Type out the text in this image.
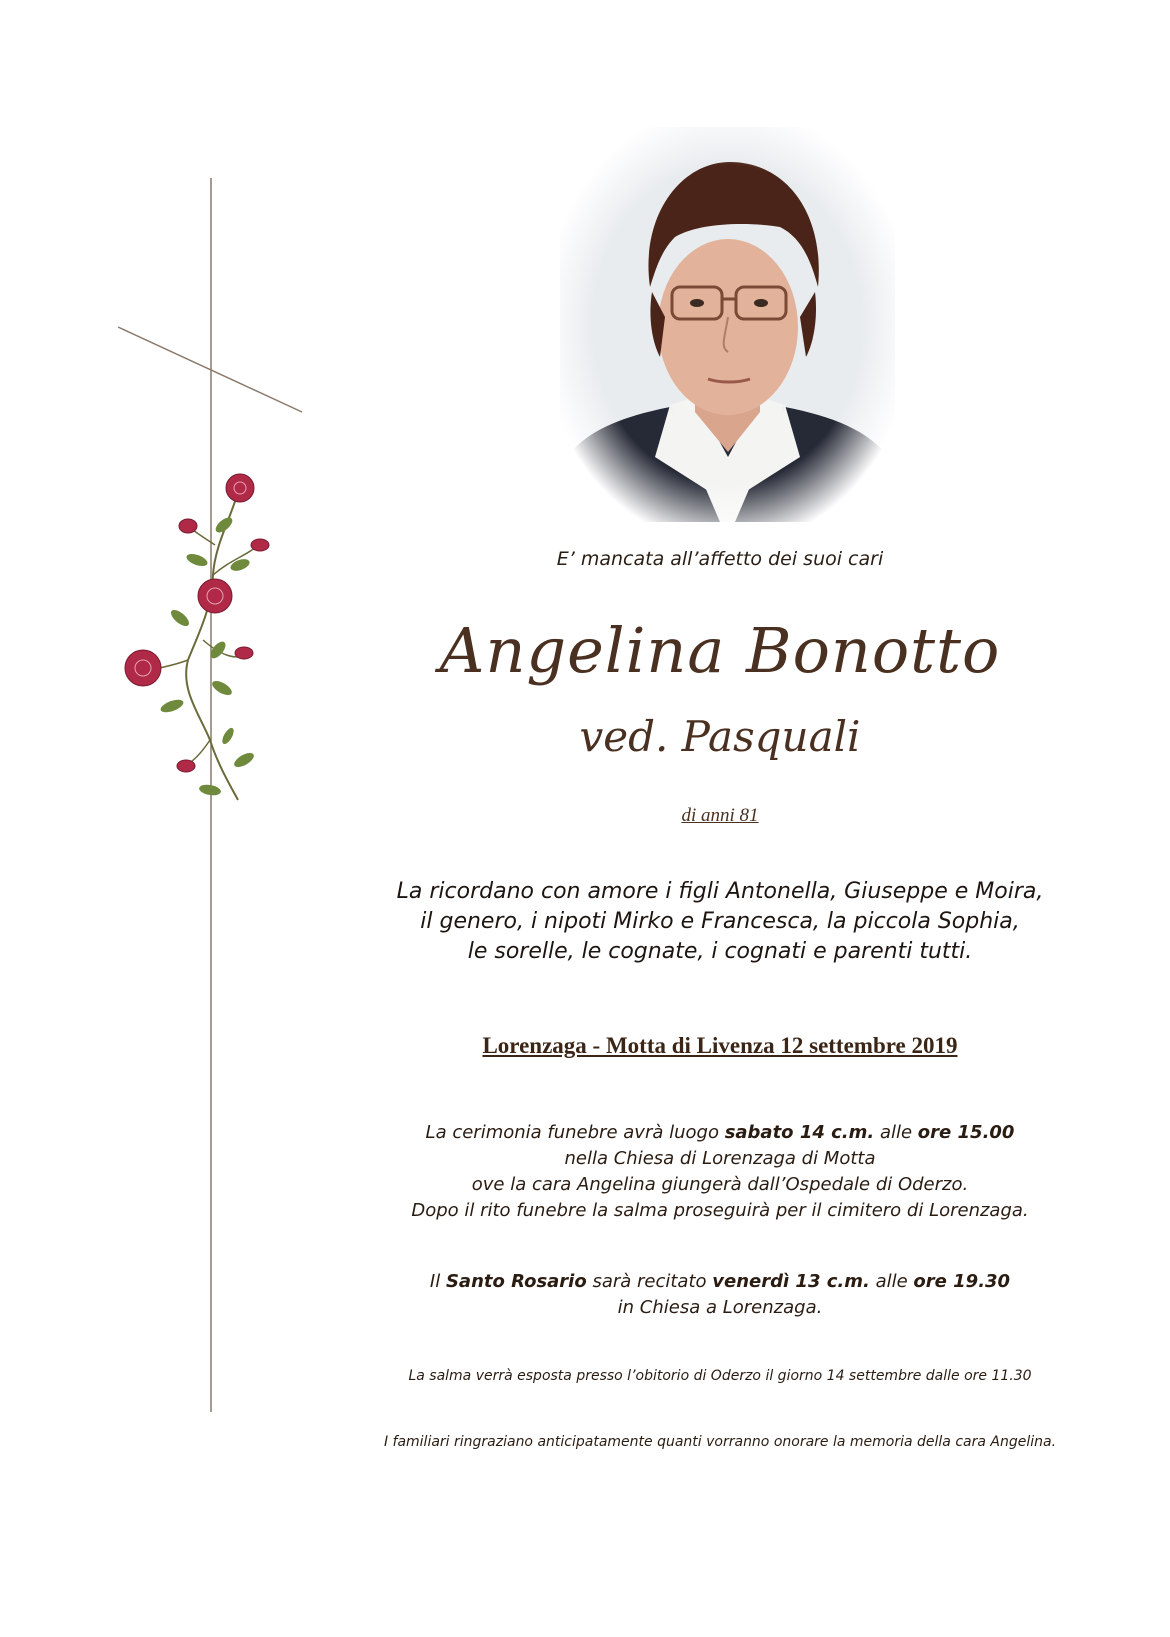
E’ mancata all’affetto dei suoi cari
Angelina Bonotto
ved. Pasquali
di anni 81
La ricordano con amore i figli Antonella, Giuseppe e Moira,
il genero, i nipoti Mirko e Francesca, la piccola Sophia,
le sorelle, le cognate, i cognati e parenti tutti.
Lorenzaga - Motta di Livenza 12 settembre 2019
La cerimonia funebre avrà luogo sabato 14 c.m. alle ore 15.00
nella Chiesa di Lorenzaga di Motta
ove la cara Angelina giungerà dall’Ospedale di Oderzo.
Dopo il rito funebre la salma proseguirà per il cimitero di Lorenzaga.
Il Santo Rosario sarà recitato venerdì 13 c.m. alle ore 19.30
in Chiesa a Lorenzaga.
La salma verrà esposta presso l’obitorio di Oderzo il giorno 14 settembre dalle ore 11.30
I familiari ringraziano anticipatamente quanti vorranno onorare la memoria della cara Angelina.
